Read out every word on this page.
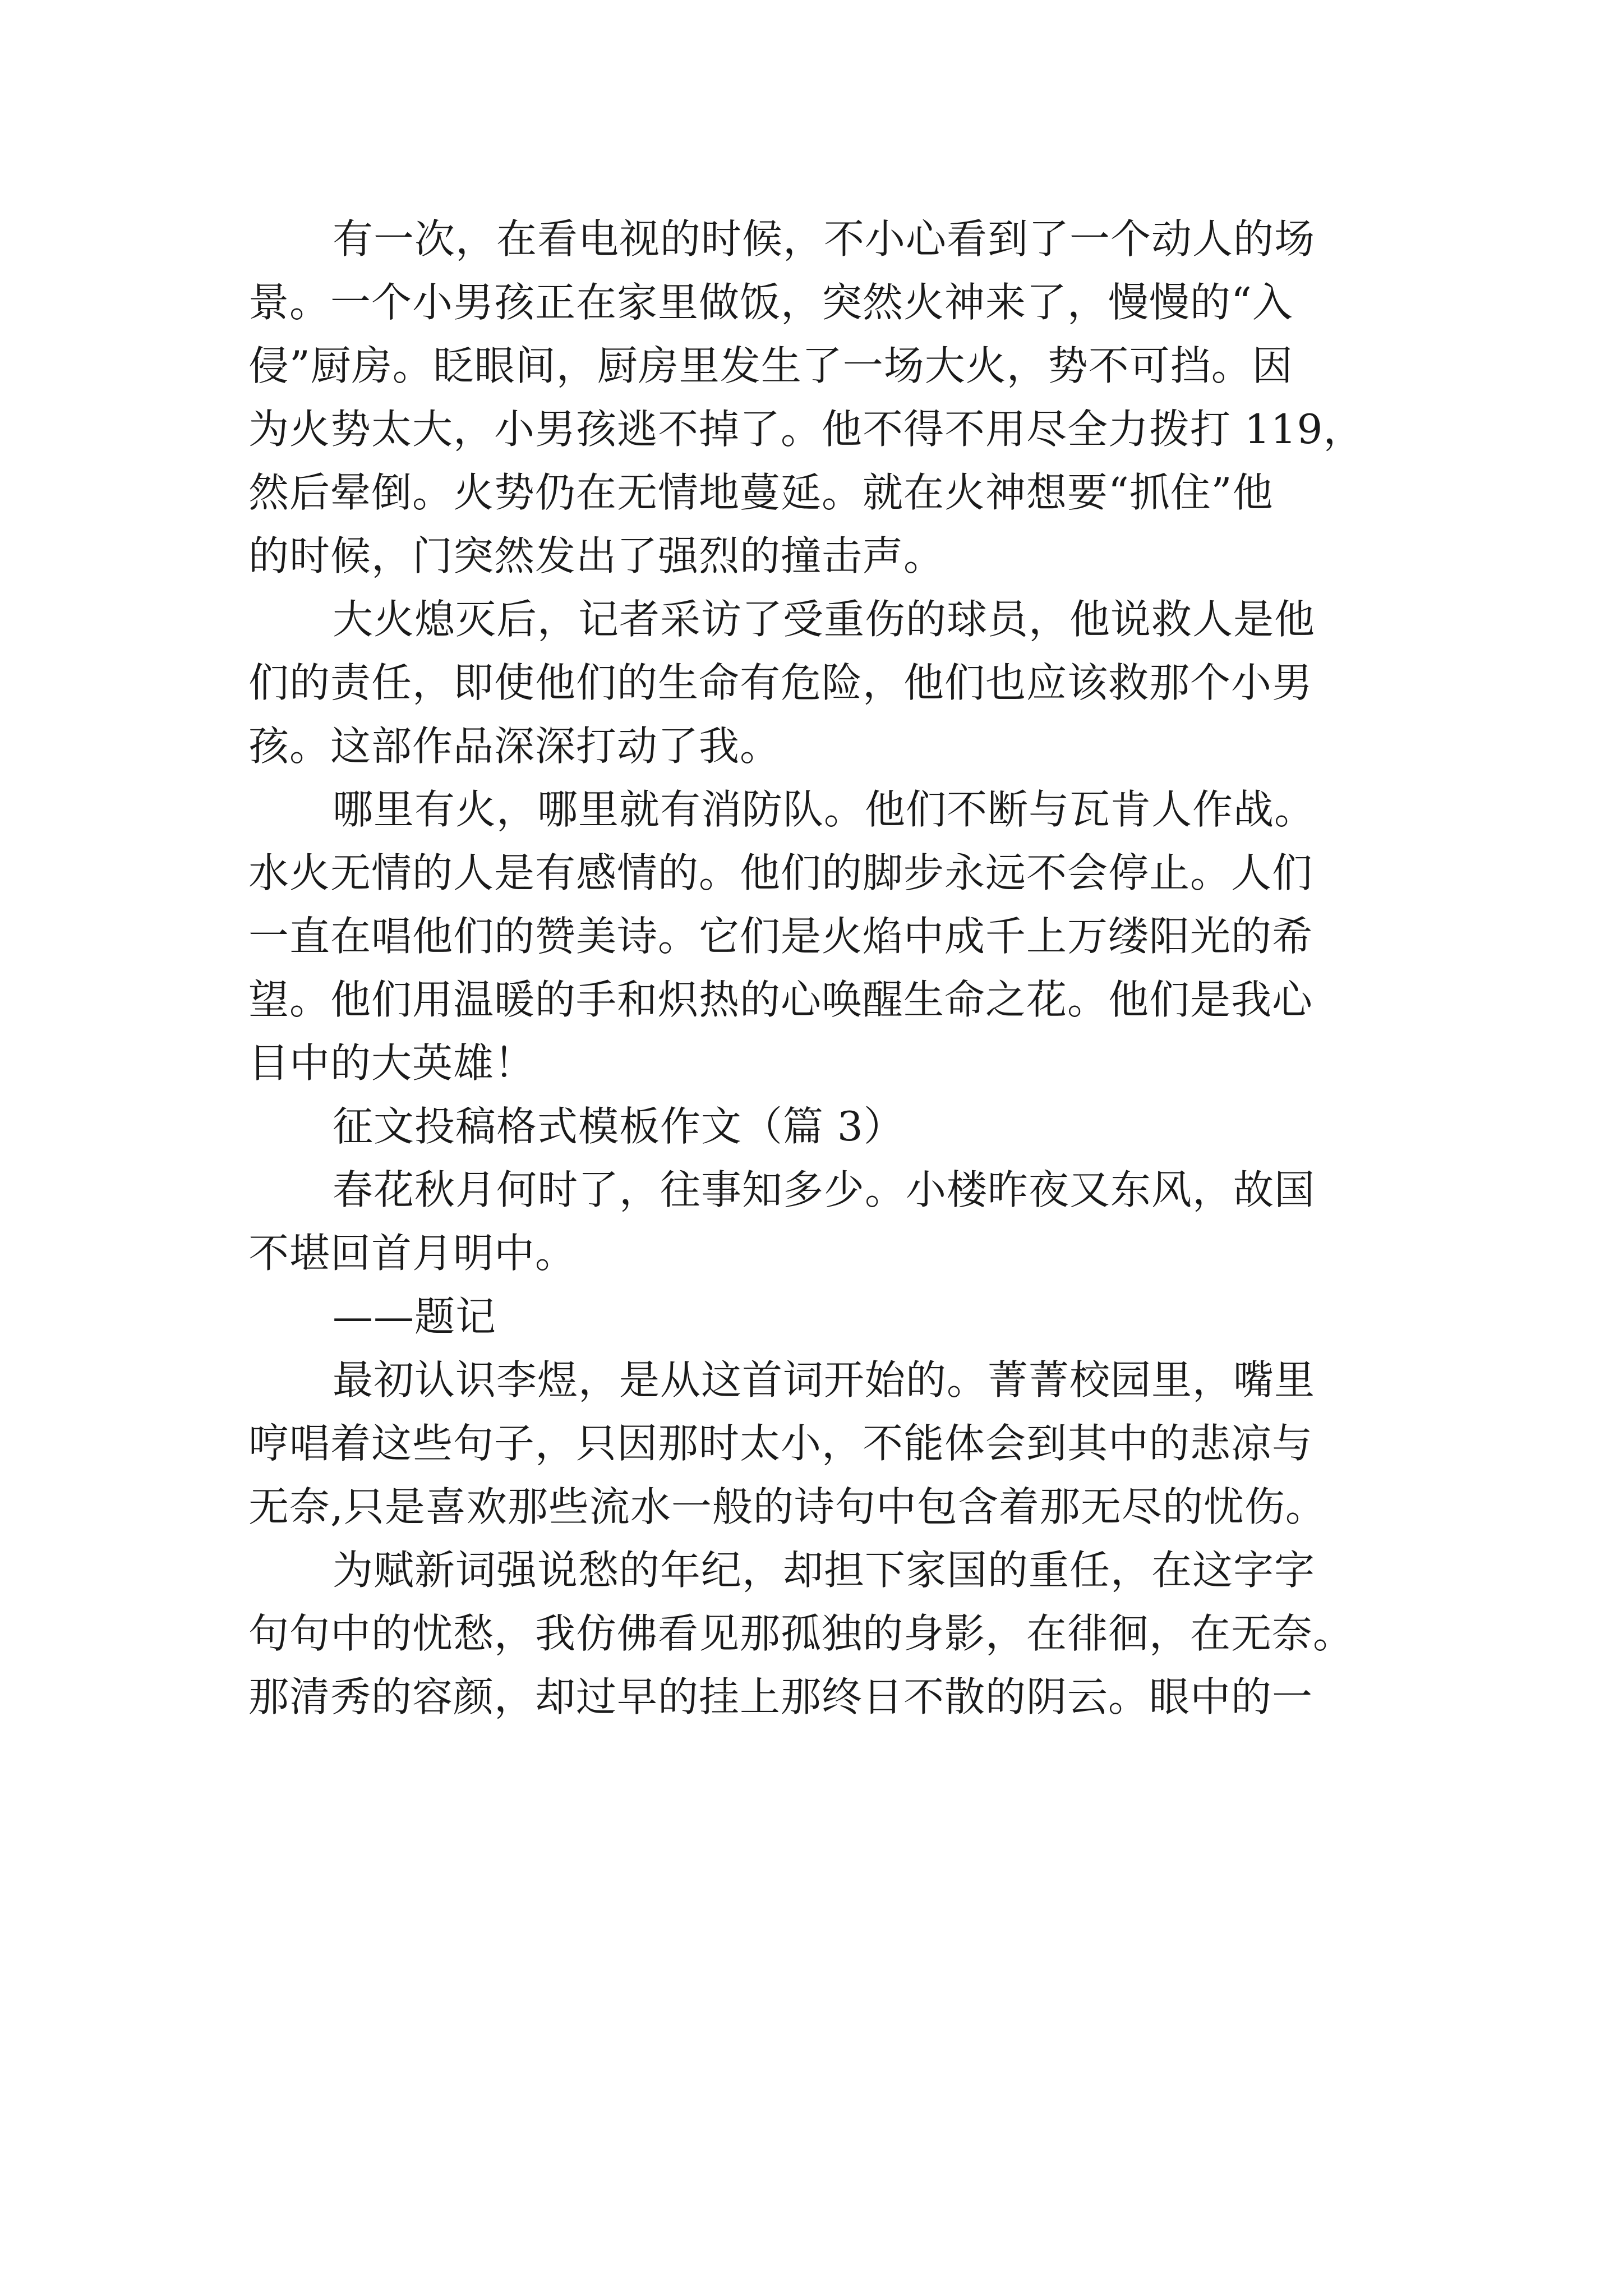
有一次，在看电视的时候，不小心看到了一个动人的场
景。一个小男孩正在家里做饭，突然火神来了，慢慢的“入
侵”厨房。眨眼间，厨房里发生了一场大火，势不可挡。因
为火势太大，小男孩逃不掉了。他不得不用尽全力拨打 119，
然后晕倒。火势仍在无情地蔓延。就在火神想要“抓住”他
的时候，门突然发出了强烈的撞击声。
大火熄灭后，记者采访了受重伤的球员，他说救人是他
们的责任，即使他们的生命有危险，他们也应该救那个小男
孩。这部作品深深打动了我。
哪里有火，哪里就有消防队。他们不断与瓦肯人作战。
水火无情的人是有感情的。他们的脚步永远不会停止。人们
一直在唱他们的赞美诗。它们是火焰中成千上万缕阳光的希
望。他们用温暖的手和炽热的心唤醒生命之花。他们是我心
目中的大英雄！
征文投稿格式模板作文（篇 3）
春花秋月何时了，往事知多少。小楼昨夜又东风，故国
不堪回首月明中。
——题记
最初认识李煜，是从这首词开始的。菁菁校园里，嘴里
哼唱着这些句子，只因那时太小，不能体会到其中的悲凉与
无奈,只是喜欢那些流水一般的诗句中包含着那无尽的忧伤。
为赋新词强说愁的年纪，却担下家国的重任，在这字字
句句中的忧愁，我仿佛看见那孤独的身影，在徘徊，在无奈。
那清秀的容颜，却过早的挂上那终日不散的阴云。眼中的一
